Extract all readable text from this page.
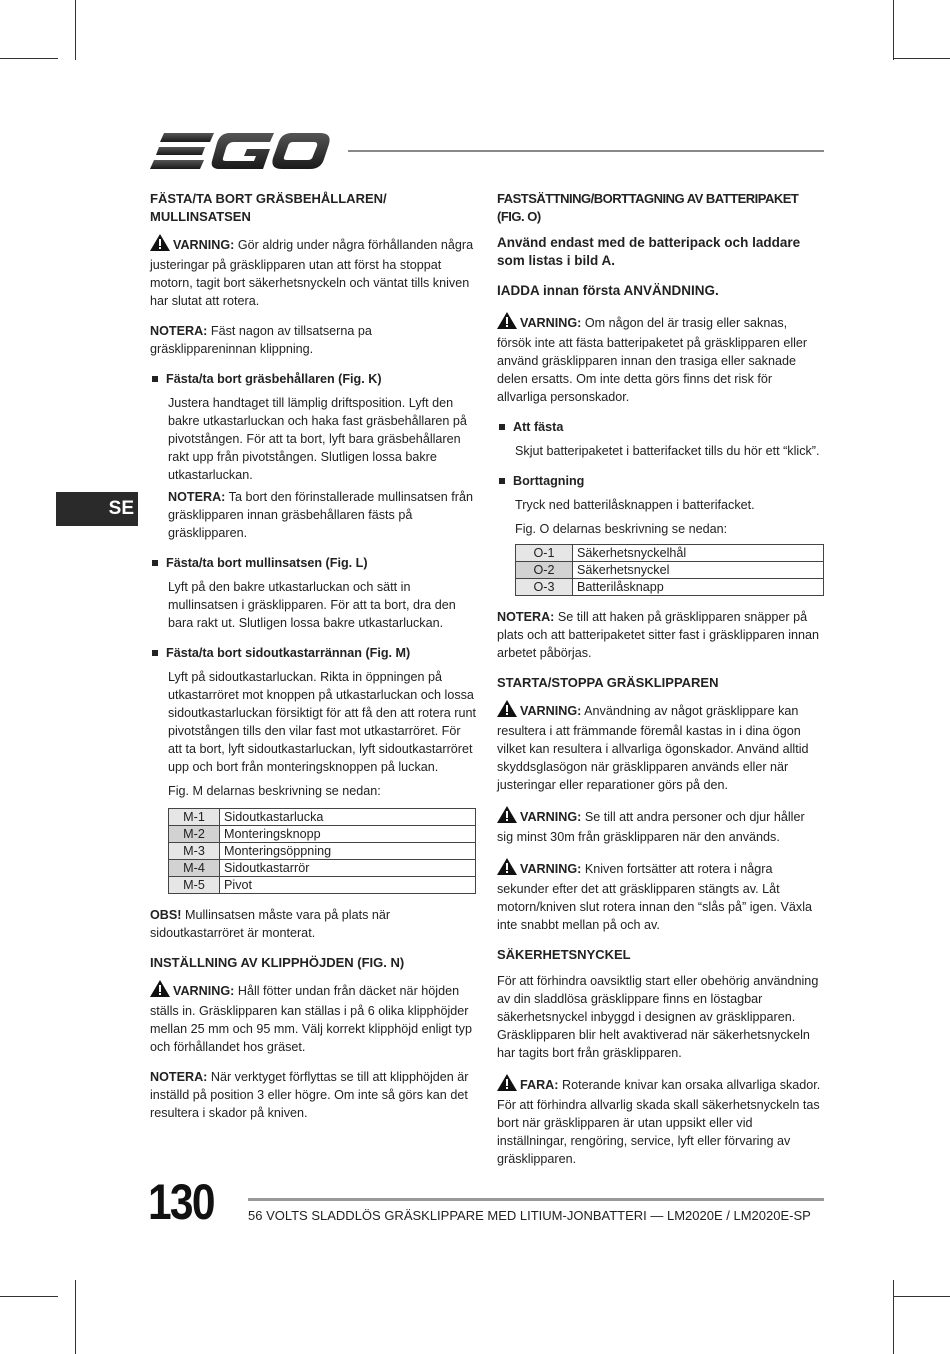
SE
FÄSTA/TA BORT GRÄSBEHÅLLAREN/
MULLINSATSEN

VARNING: Gör aldrig under några förhållanden några justeringar på gräsklipparen utan att först ha stoppat motorn, tagit bort säkerhetsnyckeln och väntat tills kniven har slutat att rotera.

NOTERA: Fäst nagon av tillsatserna pa gräsklippareninnan klippning.

Fästa/ta bort gräsbehållaren (Fig. K)

Justera handtaget till lämplig driftsposition. Lyft den bakre utkastarluckan och haka fast gräsbehållaren på pivotstången. För att ta bort, lyft bara gräsbehållaren rakt upp från pivotstången. Slutligen lossa bakre utkastarluckan.

NOTERA: Ta bort den förinstallerade mullinsatsen från gräsklipparen innan gräsbehållaren fästs på gräsklipparen.

Fästa/ta bort mullinsatsen (Fig. L)

Lyft på den bakre utkastarluckan och sätt in mullinsatsen i gräsklipparen. För att ta bort, dra den bara rakt ut. Slutligen lossa bakre utkastarluckan.

Fästa/ta bort sidoutkastarrännan (Fig. M)

Lyft på sidoutkastarluckan. Rikta in öppningen på utkastarröret mot knoppen på utkastarluckan och lossa sidoutkastarluckan försiktigt för att få den att rotera runt pivotstången tills den vilar fast mot utkastarröret. För att ta bort, lyft sidoutkastarluckan, lyft sidoutkastarröret upp och bort från monteringsknoppen på luckan.

Fig. M delarnas beskrivning se nedan:

M-1	Sidoutkastarlucka
M-2	Monteringsknopp
M-3	Monteringsöppning
M-4	Sidoutkastarrör
M-5	Pivot

OBS! Mullinsatsen måste vara på plats när sidoutkastarröret är monterat.

INSTÄLLNING AV KLIPPHÖJDEN (FIG. N)

VARNING: Håll fötter undan från däcket när höjden ställs in. Gräsklipparen kan ställas i på 6 olika klipphöjder mellan 25 mm och 95 mm. Välj korrekt klipphöjd enligt typ och förhållandet hos gräset.

NOTERA: När verktyget förflyttas se till att klipphöjden är inställd på position 3 eller högre. Om inte så görs kan det resultera i skador på kniven.

FASTSÄTTNING/BORTTAGNING AV BATTERIPAKET (FIG. O)

Använd endast med de batteripack och laddare som listas i bild A.

IADDA innan första ANVÄNDNING.

VARNING: Om någon del är trasig eller saknas, försök inte att fästa batteripaketet på gräsklipparen eller använd gräsklipparen innan den trasiga eller saknade delen ersatts. Om inte detta görs finns det risk för allvarliga personskador.

Att fästa

Skjut batteripaketet i batterifacket tills du hör ett “klick”.

Borttagning

Tryck ned batterilåsknappen i batterifacket.

Fig. O delarnas beskrivning se nedan:

O-1	Säkerhetsnyckelhål
O-2	Säkerhetsnyckel
O-3	Batterilåsknapp

NOTERA: Se till att haken på gräsklipparen snäpper på plats och att batteripaketet sitter fast i gräsklipparen innan arbetet påbörjas.

STARTA/STOPPA GRÄSKLIPPAREN

VARNING: Användning av något gräsklippare kan resultera i att främmande föremål kastas in i dina ögon vilket kan resultera i allvarliga ögonskador. Använd alltid skyddsglasögon när gräsklipparen används eller när justeringar eller reparationer görs på den.

VARNING: Se till att andra personer och djur håller sig minst 30m från gräsklipparen när den används.

VARNING: Kniven fortsätter att rotera i några sekunder efter det att gräsklipparen stängts av. Låt motorn/kniven slut rotera innan den “slås på” igen. Växla inte snabbt mellan på och av.

SÄKERHETSNYCKEL

För att förhindra oavsiktlig start eller obehörig användning av din sladdlösa gräsklippare finns en löstagbar säkerhetsnyckel inbyggd i designen av gräsklipparen. Gräsklipparen blir helt avaktiverad när säkerhetsnyckeln har tagits bort från gräsklipparen.

FARA: Roterande knivar kan orsaka allvarliga skador. För att förhindra allvarlig skada skall säkerhetsnyckeln tas bort när gräsklipparen är utan uppsikt eller vid inställningar, rengöring, service, lyft eller förvaring av gräsklipparen.

130	56 VOLTS SLADDLÖS GRÄSKLIPPARE MED LITIUM-JONBATTERI — LM2020E / LM2020E-SP
